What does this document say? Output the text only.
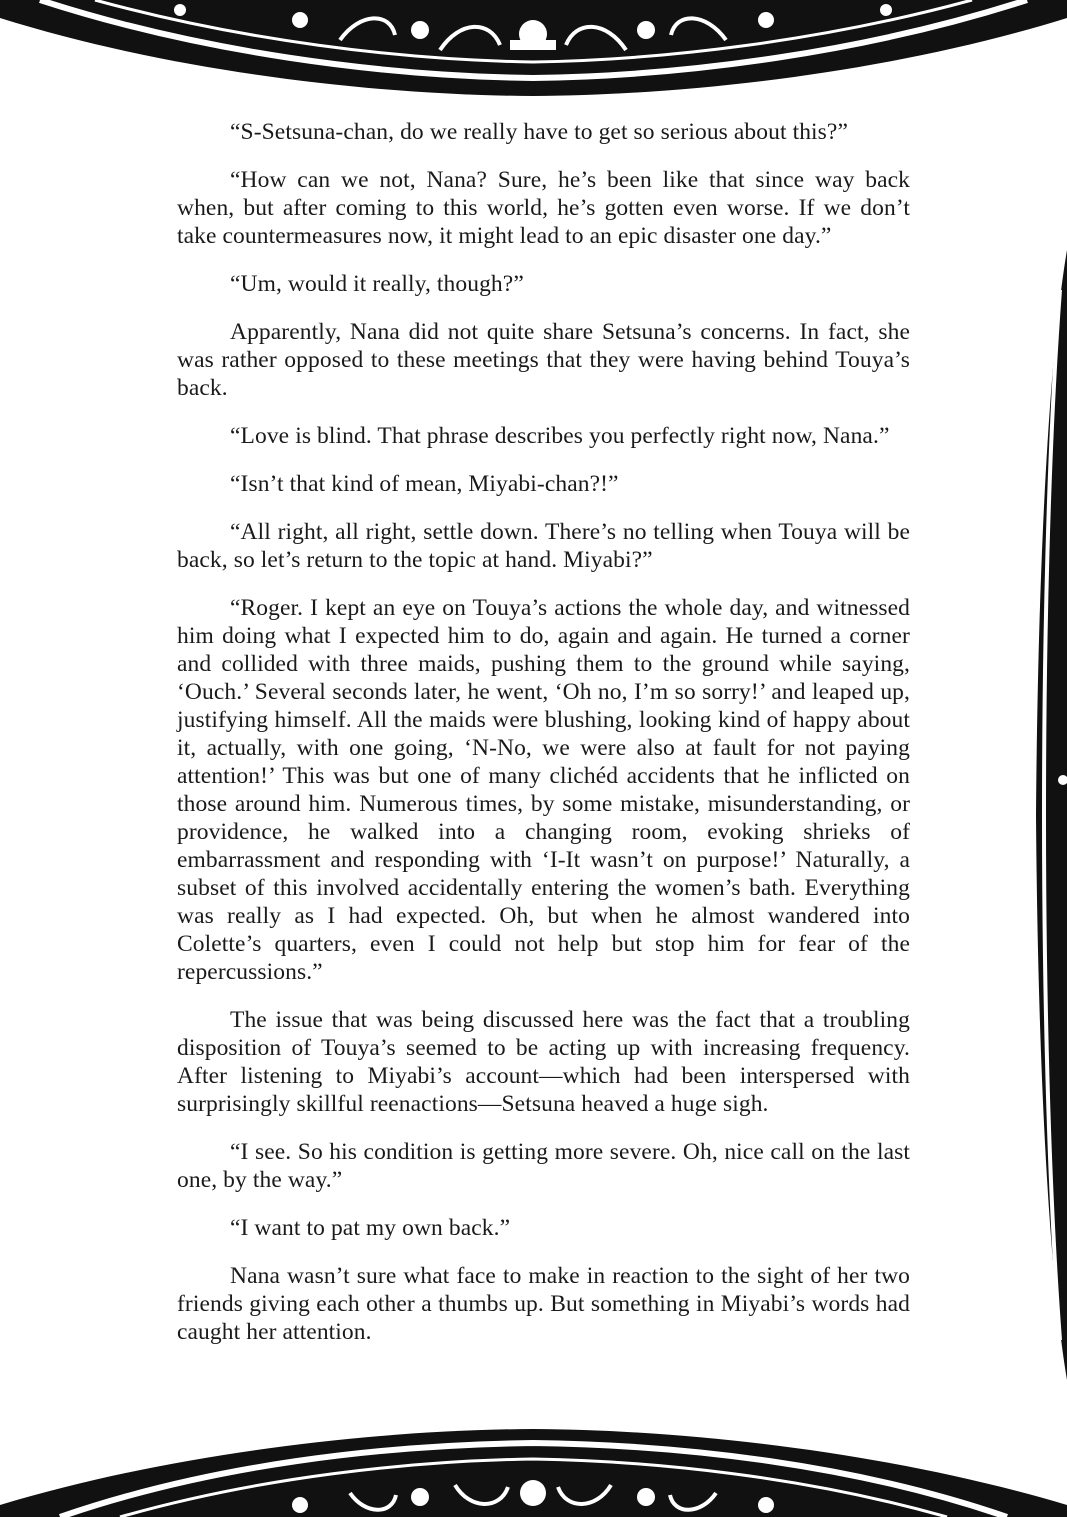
“S-Setsuna-chan, do we really have to get so serious about this?”

“How can we not, Nana? Sure, he’s been like that since way back when, but after coming to this world, he’s gotten even worse. If we don’t take countermeasures now, it might lead to an epic disaster one day.”

“Um, would it really, though?”

Apparently, Nana did not quite share Setsuna’s concerns. In fact, she was rather opposed to these meetings that they were having behind Touya’s back.

“Love is blind. That phrase describes you perfectly right now, Nana.”

“Isn’t that kind of mean, Miyabi-chan?!”

“All right, all right, settle down. There’s no telling when Touya will be back, so let’s return to the topic at hand. Miyabi?”

“Roger. I kept an eye on Touya’s actions the whole day, and witnessed him doing what I expected him to do, again and again. He turned a corner and collided with three maids, pushing them to the ground while saying, ‘Ouch.’ Several seconds later, he went, ‘Oh no, I’m so sorry!’ and leaped up, justifying himself. All the maids were blushing, looking kind of happy about it, actually, with one going, ‘N-No, we were also at fault for not paying attention!’ This was but one of many clichéd accidents that he inflicted on those around him. Numerous times, by some mistake, misunderstanding, or providence, he walked into a changing room, evoking shrieks of embarrassment and responding with ‘I-It wasn’t on purpose!’ Naturally, a subset of this involved accidentally entering the women’s bath. Everything was really as I had expected. Oh, but when he almost wandered into Colette’s quarters, even I could not help but stop him for fear of the repercussions.”

The issue that was being discussed here was the fact that a troubling disposition of Touya’s seemed to be acting up with increasing frequency. After listening to Miyabi’s account—which had been interspersed with surprisingly skillful reenactions—Setsuna heaved a huge sigh.

“I see. So his condition is getting more severe. Oh, nice call on the last one, by the way.”

“I want to pat my own back.”

Nana wasn’t sure what face to make in reaction to the sight of her two friends giving each other a thumbs up. But something in Miyabi’s words had caught her attention.
